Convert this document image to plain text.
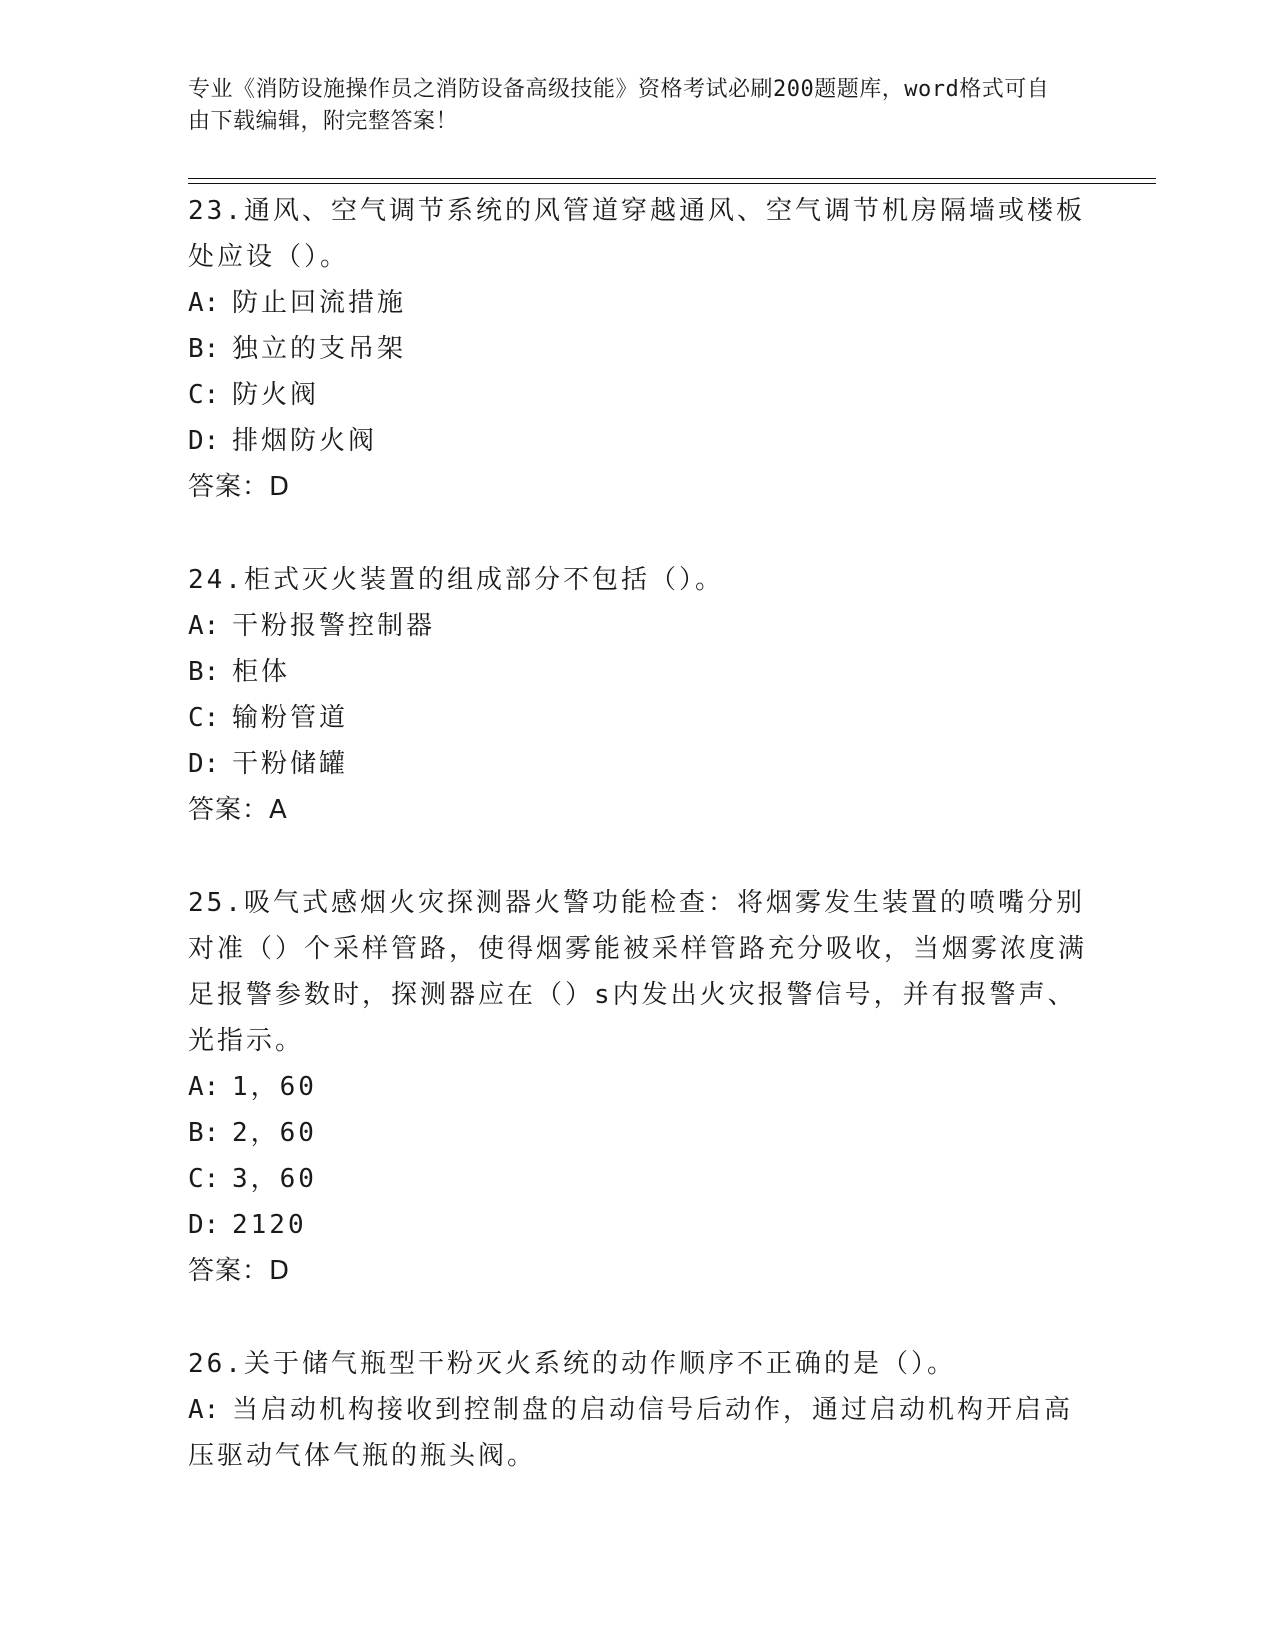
专业《消防设施操作员之消防设备高级技能》资格考试必刷200题题库，word格式可自由下载编辑，附完整答案！
23.通风、空气调节系统的风管道穿越通风、空气调节机房隔墙或楼板处应设（）。
A: 防止回流措施
B: 独立的支吊架
C: 防火阀
D: 排烟防火阀
答案：D
24.柜式灭火装置的组成部分不包括（）。
A: 干粉报警控制器
B: 柜体
C: 输粉管道
D: 干粉储罐
答案：A
25.吸气式感烟火灾探测器火警功能检查：将烟雾发生装置的喷嘴分别对准（）个采样管路，使得烟雾能被采样管路充分吸收，当烟雾浓度满足报警参数时，探测器应在（）s内发出火灾报警信号，并有报警声、光指示。
A: 1，60
B: 2，60
C: 3，60
D: 2120
答案：D
26.关于储气瓶型干粉灭火系统的动作顺序不正确的是（）。
A: 当启动机构接收到控制盘的启动信号后动作，通过启动机构开启高压驱动气体气瓶的瓶头阀。
